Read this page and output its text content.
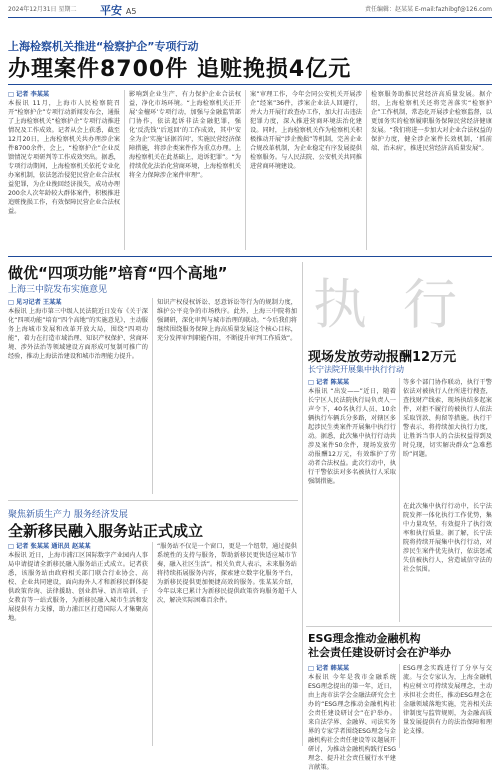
2024年12月31日 星期二 平安 A5	责任编辑：赵某某 E-mail:fazhibgf@126.com
上海检察机关推进“检察护企”专项行动
办理案件8700件 追赃挽损4亿元
□ 记者 李某某
本报讯 11月，上海市人民检察院召开“检察护企”专项行动新闻发布会，通报了上海检察机关“检察护企”专项行动推进情况及工作成效。记者从会上获悉，截至12月20日，上海检察机关共办理涉企案件8700余件，会上，“检察护企”企业反馈情况专项研判等工作成效突出。据悉，专项行动期间，上海检察机关依托专业化办案机制，依法惩治侵犯民营企业合法权益犯罪，为企业挽回经济损失，成功办理200余人次年龄较大群体案件，积极推进追赃挽损工作，有效保障民营企业合法权益。
影响到企业生产、有力保护企业合法权益，净化市场环境。“上海检察机关正开展‘金檀环’专项行动，加强与金融监管部门协作，依法起诉非法金融犯罪，强化‘反洗钱’‘后返回’的工作成效，其中‘安全为企’实施‘证据首问’，实施民营经济保障措施，将涉企类案件作为重点办理。上海检察机关在此基础上，追诉犯罪”。“为持续优化法治化营商环境，上海检察机关将全力保障涉企案件审理”。
案”审理工作，今年会同公安机关开展涉企“经案”36件，涉案企业法人回避行，并大力开展行政查办工作，加大打击违法犯罪力度，深入推进营商环境法治化建设。同时，上海检察机关作为检察机关积极推动开展“涉企挽损”等机制，完善企业合规改革机制，为企业稳定有序发展提供检察服务。与人民法院、公安机关共同推进营商环境建设。
检察服务助推民营经济高质量发展。据介绍，上海检察机关还将完善落实“检察护企”工作机制，常态化开展涉企检察监督，以更加务实的检察履职服务保障民营经济健康发展。“我们将进一步加大对企业合法权益的保护力度，健全涉企案件长效机制，‘抓前端、治未病’，推进民营经济高质量发展”。
做优“四项功能”培育“四个高地”
上海三中院发布实施意见
□ 见习记者 王某某
本报讯 上海市第三中级人民法院近日发布《关于深化“四项功能”培育“四个高地”的实施意见》，主动服务上海城市发展和改革开放大局，围绕“四项功能”，着力在打造市域治理、知识产权保护、营商环境、涉外法治等领域建设方面形成可复制可推广的经验，推动上海法治建设和城市治理能力提升。
知识产权侵权诉讼、恶意诉讼等行为的规制力度，维护公平竞争的市场秩序。此外，上海三中院将加强调研，深化审判与城市治理的联动。“今后我们将继续围绕服务保障上海高质量发展这个核心目标，充分发挥审判职能作用，不断提升审判工作质效”。
聚焦新质生产力 服务经济发展
全新移民融入服务站正式成立
□ 记者 张某某 通讯员 赵某某
本报讯 近日，上海市浦江区国际数字产业园内人事局申请提请全新移民融入服务站正式成立。记者获悉，该服务站由政府相关部门联合行业协会、高校、企业共同建设，面向海外人才和新移民群体提供政策咨询、法律援助、创业指导、语言培训、子女教育等一站式服务，为新移民融入城市生活和发展提供有力支撑，助力浦江区打造国际人才集聚高地。
“服务站不仅是一个窗口，更是一个纽带，通过提供系统性的支持与服务，帮助新移民更快适应城市节奏，融入社区生活”。相关负责人表示，未来服务站将持续拓展服务内容，探索建立数字化服务平台，为新移民提供更加便捷高效的服务。张某某介绍，今年以来已累计为新移民提供政策咨询服务超千人次，解决实际困难百余件。
执 行
现场发放劳动报酬12万元
长宁法院开展集中执行行动
□ 记者 陈某某
本报讯 “出发——”近日，随着长宁区人民法院执行局负责人一声令下，40名执行人员、10余辆执行车辆兵分多路，对辖区多起涉民生类案件开展集中执行行动。据悉，此次集中执行行动共涉及案件50余件，现场发放劳动报酬12万元，有效维护了劳动者合法权益。此次行动中，执行干警依法对多名被执行人采取强制措施。
等多个部门协作联动，执行干警依法对被执行人住所进行搜查，查找财产线索，现场执结多起案件，对拒不履行的被执行人依法采取罚款、拘留等措施。执行干警表示，将持续加大执行力度，让胜诉当事人的合法权益得到及时兑现，切实解决群众“急难愁盼”问题。
在此次集中执行行动中，长宁法院发挥一体化执行工作优势，集中力量攻坚，有效提升了执行效率和执行质量。据了解，长宁法院将持续开展集中执行行动，对涉民生案件优先执行，依法惩戒失信被执行人，营造诚信守法的社会氛围。
ESG理念推动金融机构
社会责任建设研讨会在沪举办
□ 记者 韩某某
本报讯 今年是我市金融系统ESG理念提出的第一年，近日，由上海市法学会金融法研究会主办的“ESG理念推动金融机构社会责任建设研讨会”在沪举办。来自法学界、金融界、司法实务界的专家学者围绕ESG理念与金融机构社会责任建设等议题展开研讨，为推动金融机构践行ESG理念、提升社会责任履行水平建言献策。
ESG理念实践进行了分享与交流。与会专家认为，上海金融机构应树立可持续发展理念，主动承担社会责任，推动ESG理念在金融领域落地实施，完善相关法律制度与监管规则，为金融高质量发展提供有力的法治保障和理论支撑。
